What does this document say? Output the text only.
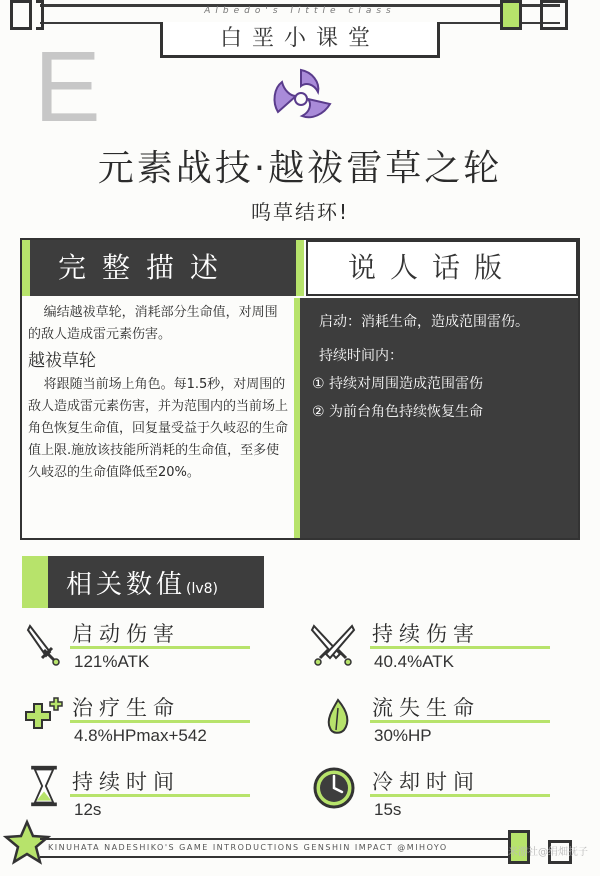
Albedo's little class
白垩小课堂
E
元素战技·越祓雷草之轮
呜草结环!
完整描述	说人话版

编结越祓草轮，消耗部分生命值，对周围的敌人造成雷元素伤害。

越祓草轮

将跟随当前场上角色。每1.5秒，对周围的敌人造成雷元素伤害，并为范围内的当前场上角色恢复生命值，回复量受益于久岐忍的生命值上限.施放该技能所消耗的生命值，至多使久岐忍的生命值降低至20%。

启动：消耗生命，造成范围雷伤。

持续时间内：

① 持续对周围造成范围雷伤

② 为前台角色持续恢复生命

相关数值(lv8)
启动伤害
121%ATK
持续伤害
40.4%ATK
治疗生命
4.8%HPmax+542
流失生命
30%HP
持续时间
12s
冷却时间
15s
KINUHATA NADESHIKO'S GAME INTRODUCTIONS GENSHIN IMPACT @MIHOYO	米游社@绢畑抚子
